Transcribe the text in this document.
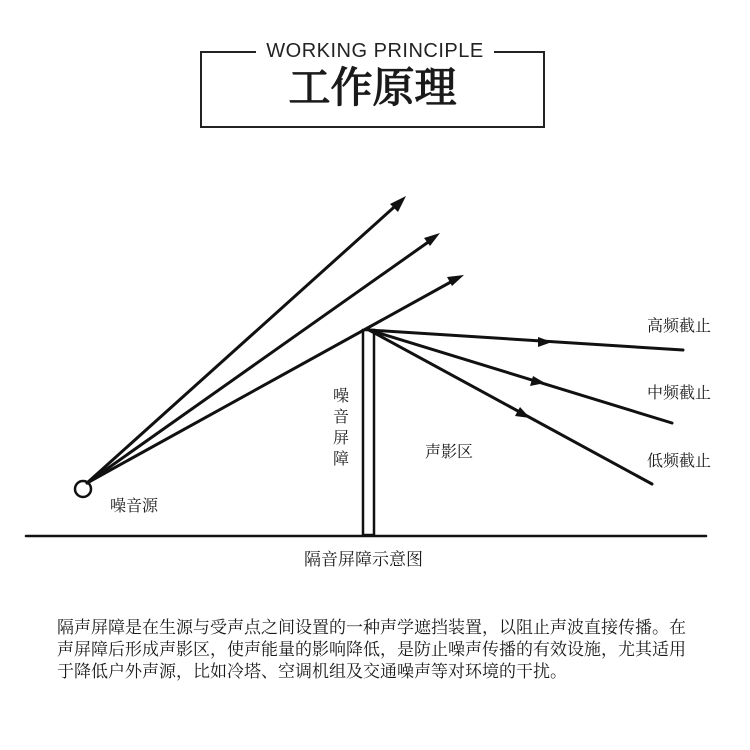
WORKING PRINCIPLE
工作原理
噪音源
噪音屏障	声影区
高频截止
中频截止
低频截止
隔音屏障示意图
隔声屏障是在生源与受声点之间设置的一种声学遮挡装置，以阻止声波直接传播。在声屏障后形成声影区，使声能量的影响降低，是防止噪声传播的有效设施，尤其适用于降低户外声源，比如冷塔、空调机组及交通噪声等对环境的干扰。
